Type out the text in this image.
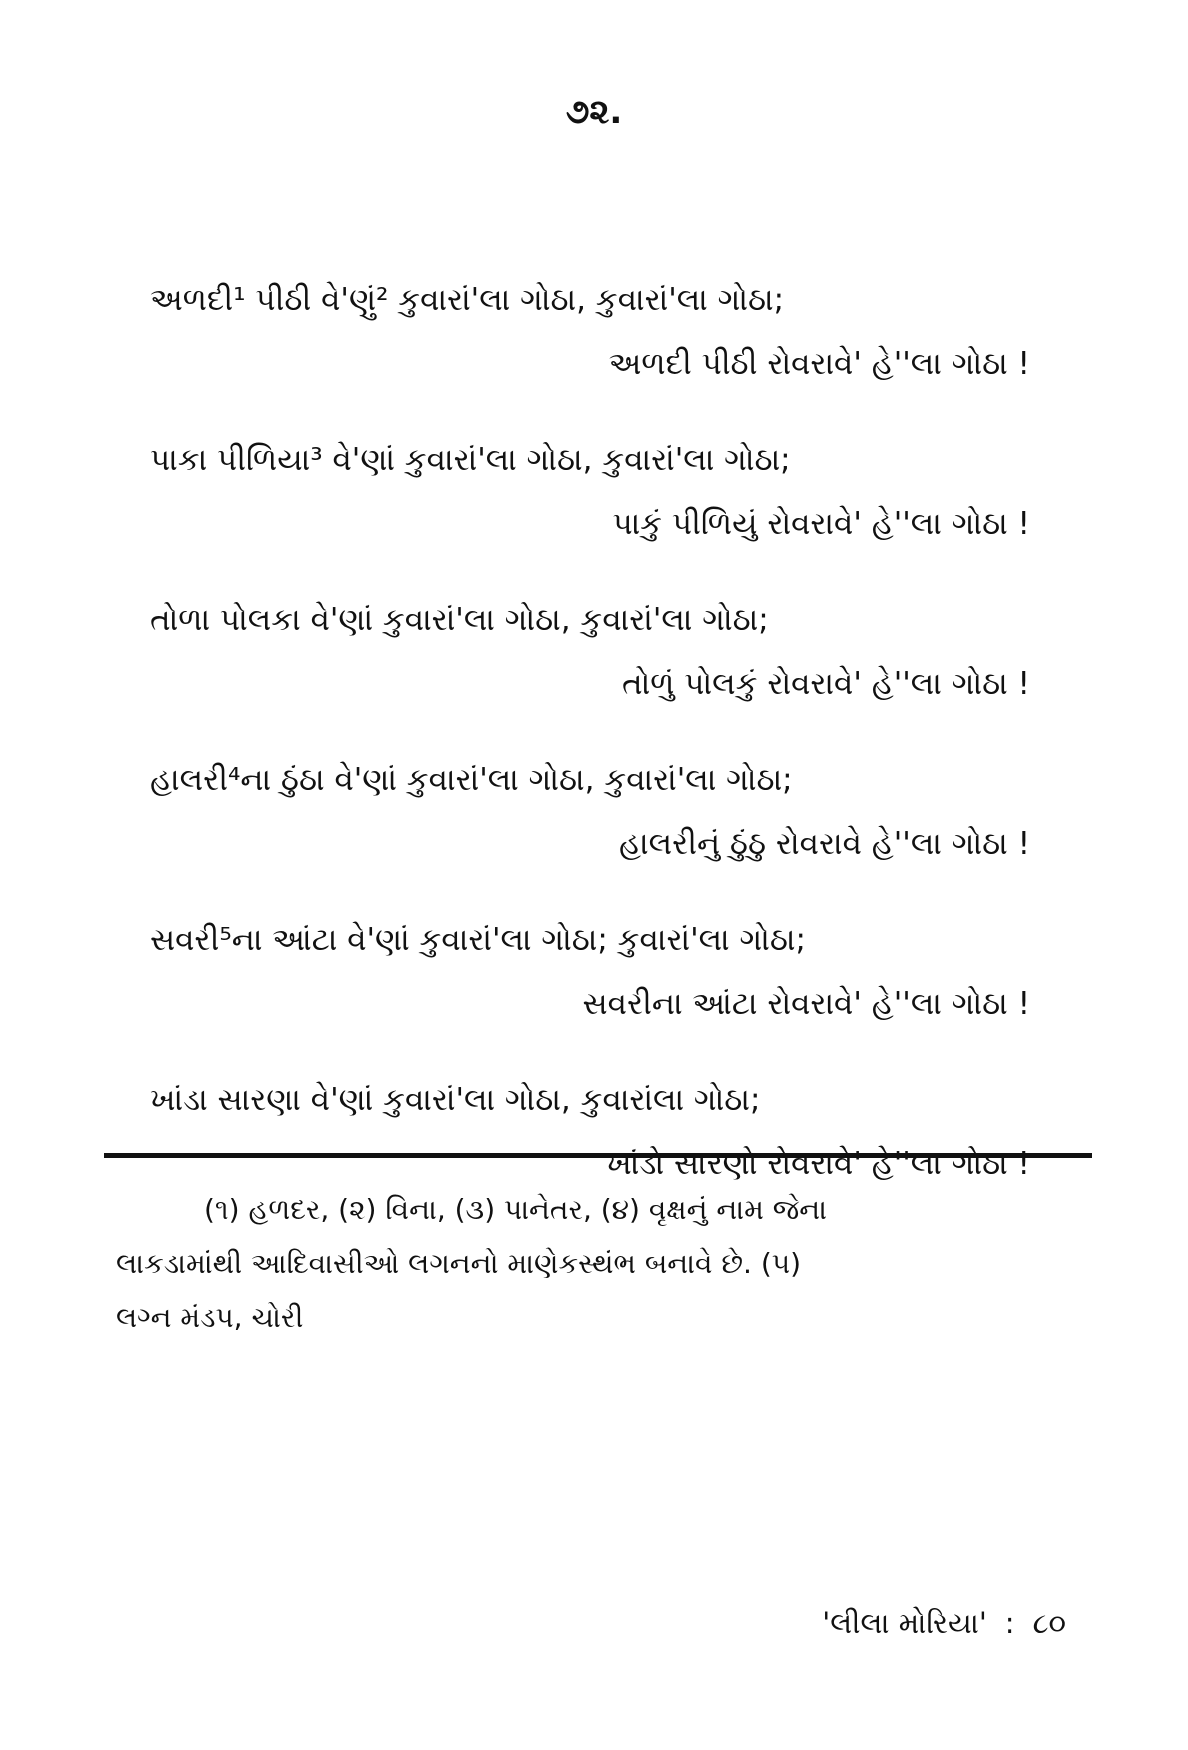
૭૨.
અળદી¹ પીઠી વે'ણું² કુવારાં'લા ગોઠા, કુવારાં'લા ગોઠા;
અળદી પીઠી રોવરાવે' હે''લા ગોઠા !
પાકા પીળિયા³ વે'ણાં કુવારાં'લા ગોઠા, કુવારાં'લા ગોઠા;
પાકું પીળિયું રોવરાવે' હે''લા ગોઠા !
તોળા પોલકા વે'ણાં કુવારાં'લા ગોઠા, કુવારાં'લા ગોઠા;
તોળું પોલકું રોવરાવે' હે''લા ગોઠા !
હાલરી⁴ના ઠુંઠા વે'ણાં કુવારાં'લા ગોઠા, કુવારાં'લા ગોઠા;
હાલરીનું ઠુંઠુ રોવરાવે હે''લા ગોઠા !
સવરી⁵ના આંટા વે'ણાં કુવારાં'લા ગોઠા; કુવારાં'લા ગોઠા;
સવરીના આંટા રોવરાવે' હે''લા ગોઠા !
ખાંડા સારણા વે'ણાં કુવારાં'લા ગોઠા, કુવારાંલા ગોઠા;
ખાંડો સારણો રોવરાવે' હે''લા ગોઠા !
(૧) હળદર, (૨) વિના, (૩) પાનેતર, (૪) વૃક્ષનું નામ જેના
લાકડામાંથી આદિવાસીઓ લગનનો માણેકસ્થંભ બનાવે છે. (૫)
લગ્ન મંડપ, ચોરી
'લીલા મોરિયા' : ૮૦
